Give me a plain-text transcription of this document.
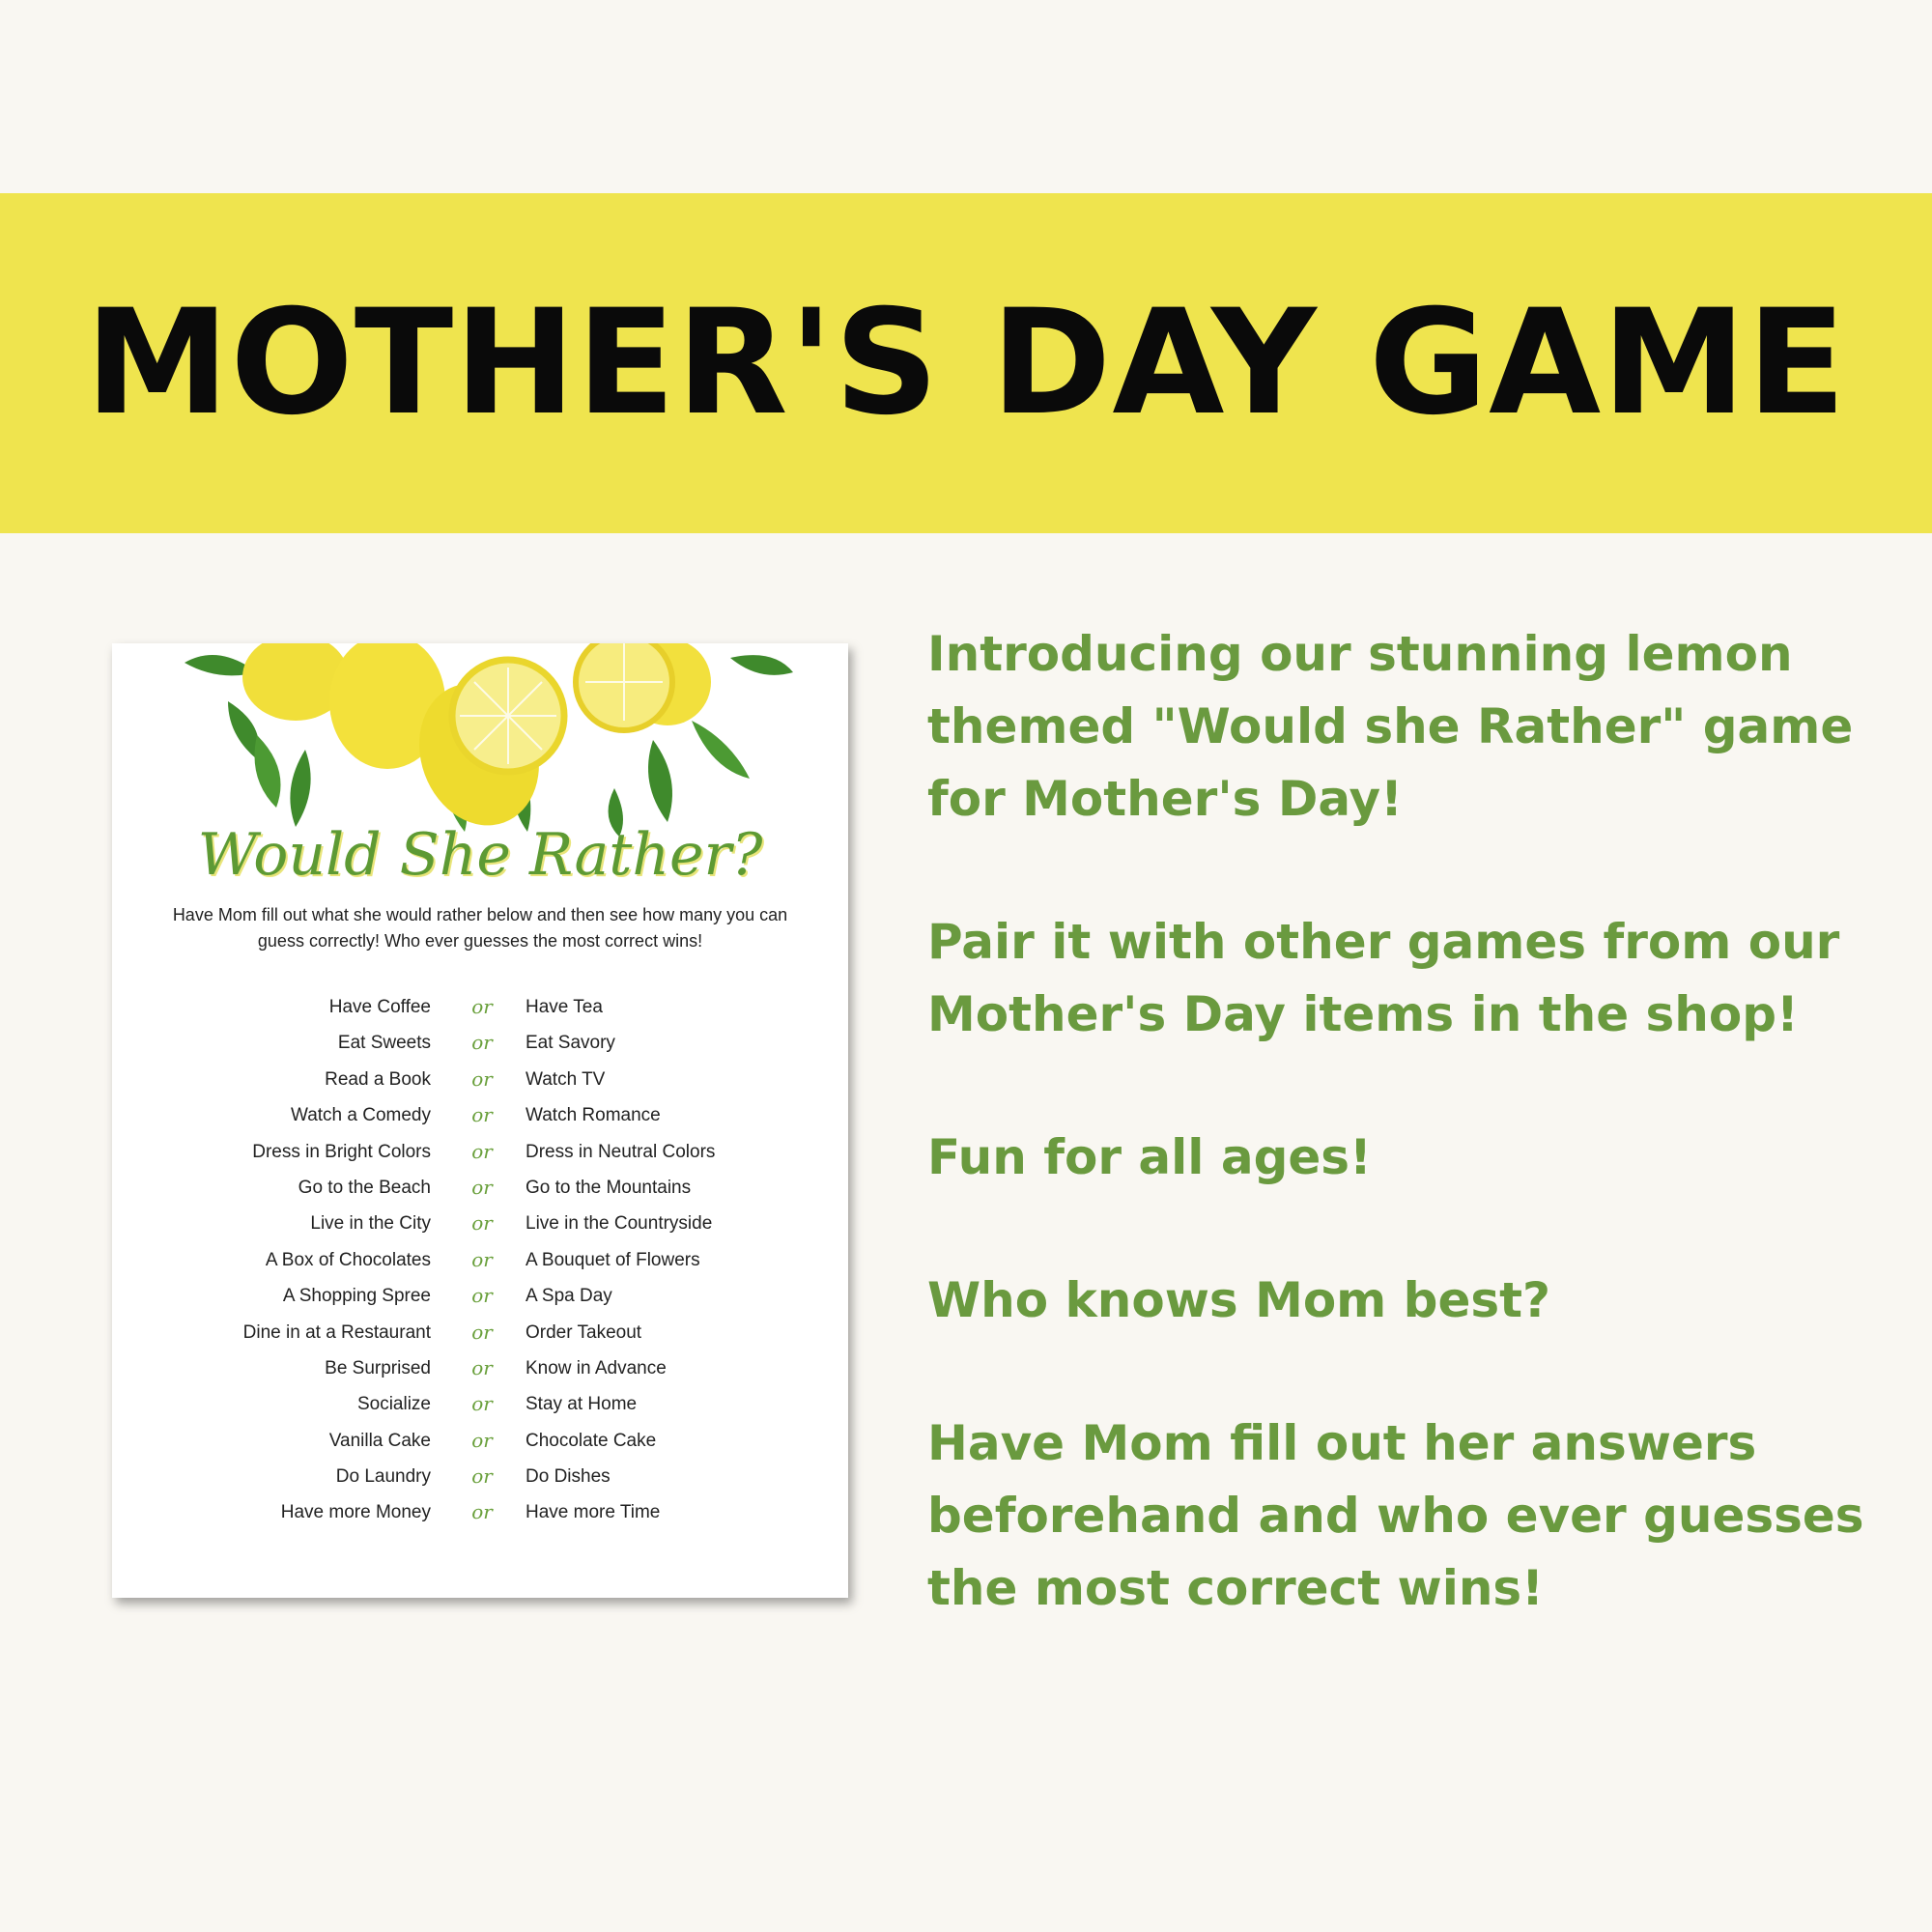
MOTHER'S DAY GAME
Would She Rather?
Have Mom fill out what she would rather below and then see how many you can guess correctly! Who ever guesses the most correct wins!
Have Coffee or Have Tea
Eat Sweets or Eat Savory
Read a Book or Watch TV
Watch a Comedy or Watch Romance
Dress in Bright Colors or Dress in Neutral Colors
Go to the Beach or Go to the Mountains
Live in the City or Live in the Countryside
A Box of Chocolates or A Bouquet of Flowers
A Shopping Spree or A Spa Day
Dine in at a Restaurant or Order Takeout
Be Surprised or Know in Advance
Socialize or Stay at Home
Vanilla Cake or Chocolate Cake
Do Laundry or Do Dishes
Have more Money or Have more Time

Introducing our stunning lemon
themed "Would she Rather" game
for Mother's Day!

Pair it with other games from our
Mother's Day items in the shop!

Fun for all ages!

Who knows Mom best?

Have Mom fill out her answers
beforehand and who ever guesses
the most correct wins!
